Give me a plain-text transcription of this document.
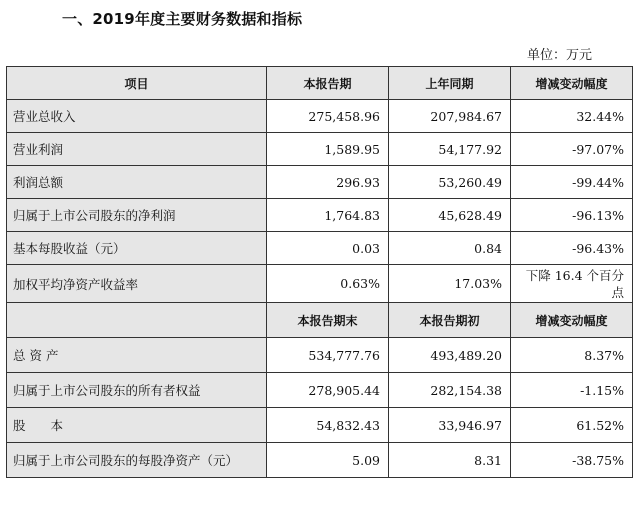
一、2019年度主要财务数据和指标
单位：万元
项目	本报告期	上年同期	增减变动幅度
营业总收入	275,458.96	207,984.67	32.44%
营业利润	1,589.95	54,177.92	-97.07%
利润总额	296.93	53,260.49	-99.44%
归属于上市公司股东的净利润	1,764.83	45,628.49	-96.13%
基本每股收益（元）	0.03	0.84	-96.43%
加权平均净资产收益率	0.63%	17.03%	下降 16.4 个百分点
	本报告期末	本报告期初	增减变动幅度
总 资 产	534,777.76	493,489.20	8.37%
归属于上市公司股东的所有者权益	278,905.44	282,154.38	-1.15%
股　　本	54,832.43	33,946.97	61.52%
归属于上市公司股东的每股净资产（元）	5.09	8.31	-38.75%
